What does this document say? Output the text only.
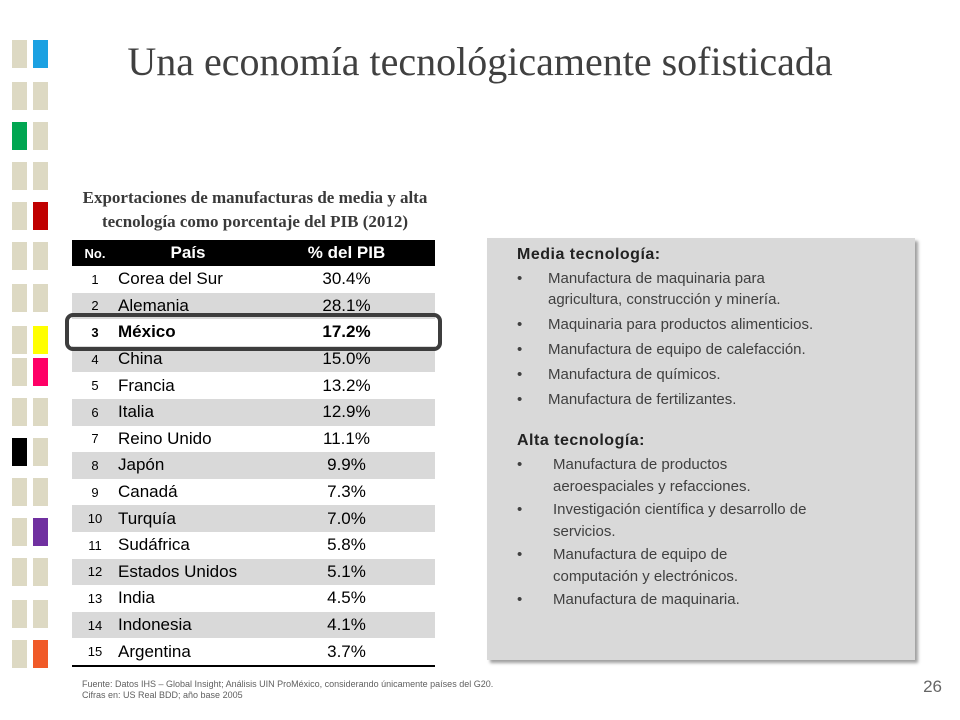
Una economía tecnológicamente sofisticada
Exportaciones de manufacturas de media y alta
tecnología como porcentaje del PIB (2012)
No.	País	% del PIB
1	Corea del Sur	30.4%
2	Alemania	28.1%
3	México	17.2%
4	China	15.0%
5	Francia	13.2%
6	Italia	12.9%
7	Reino Unido	11.1%
8	Japón	9.9%
9	Canadá	7.3%
10	Turquía	7.0%
11	Sudáfrica	5.8%
12	Estados Unidos	5.1%
13	India	4.5%
14	Indonesia	4.1%
15	Argentina	3.7%
Media tecnología:
• Manufactura de maquinaria para agricultura, construcción y minería.
• Maquinaria para productos alimenticios.
• Manufactura de equipo de calefacción.
• Manufactura de químicos.
• Manufactura de fertilizantes.
Alta tecnología:
• Manufactura de productos aeroespaciales y refacciones.
• Investigación científica y desarrollo de servicios.
• Manufactura de equipo de computación y electrónicos.
• Manufactura de maquinaria.
Fuente: Datos IHS – Global Insight; Análisis UIN ProMéxico, considerando únicamente países del G20.
Cifras en: US Real BDD; año base 2005	26
